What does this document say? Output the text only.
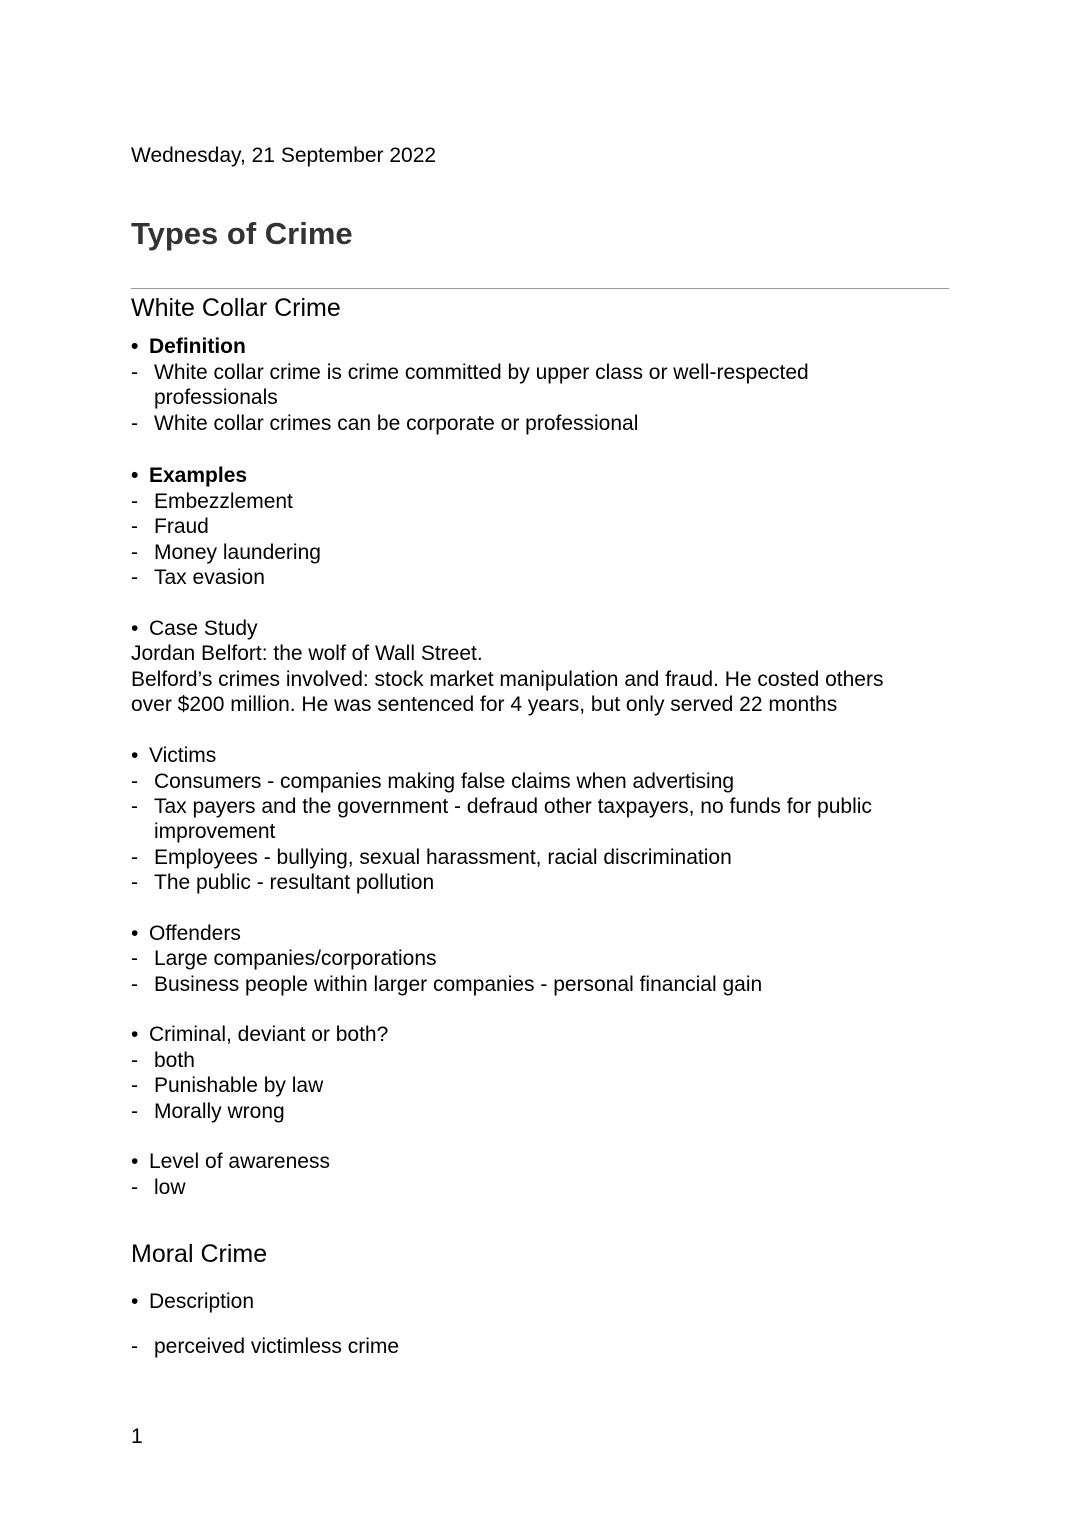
Wednesday, 21 September 2022
Types of Crime
White Collar Crime
• Definition
- White collar crime is crime committed by upper class or well-respected
professionals
- White collar crimes can be corporate or professional
• Examples
- Embezzlement
- Fraud
- Money laundering
- Tax evasion
• Case Study
Jordan Belfort: the wolf of Wall Street.
Belford’s crimes involved: stock market manipulation and fraud. He costed others
over $200 million. He was sentenced for 4 years, but only served 22 months
• Victims
- Consumers - companies making false claims when advertising
- Tax payers and the government - defraud other taxpayers, no funds for public
improvement
- Employees - bullying, sexual harassment, racial discrimination
- The public - resultant pollution
• Offenders
- Large companies/corporations
- Business people within larger companies - personal financial gain
• Criminal, deviant or both?
- both
- Punishable by law
- Morally wrong
• Level of awareness
- low
Moral Crime
• Description
- perceived victimless crime
1
